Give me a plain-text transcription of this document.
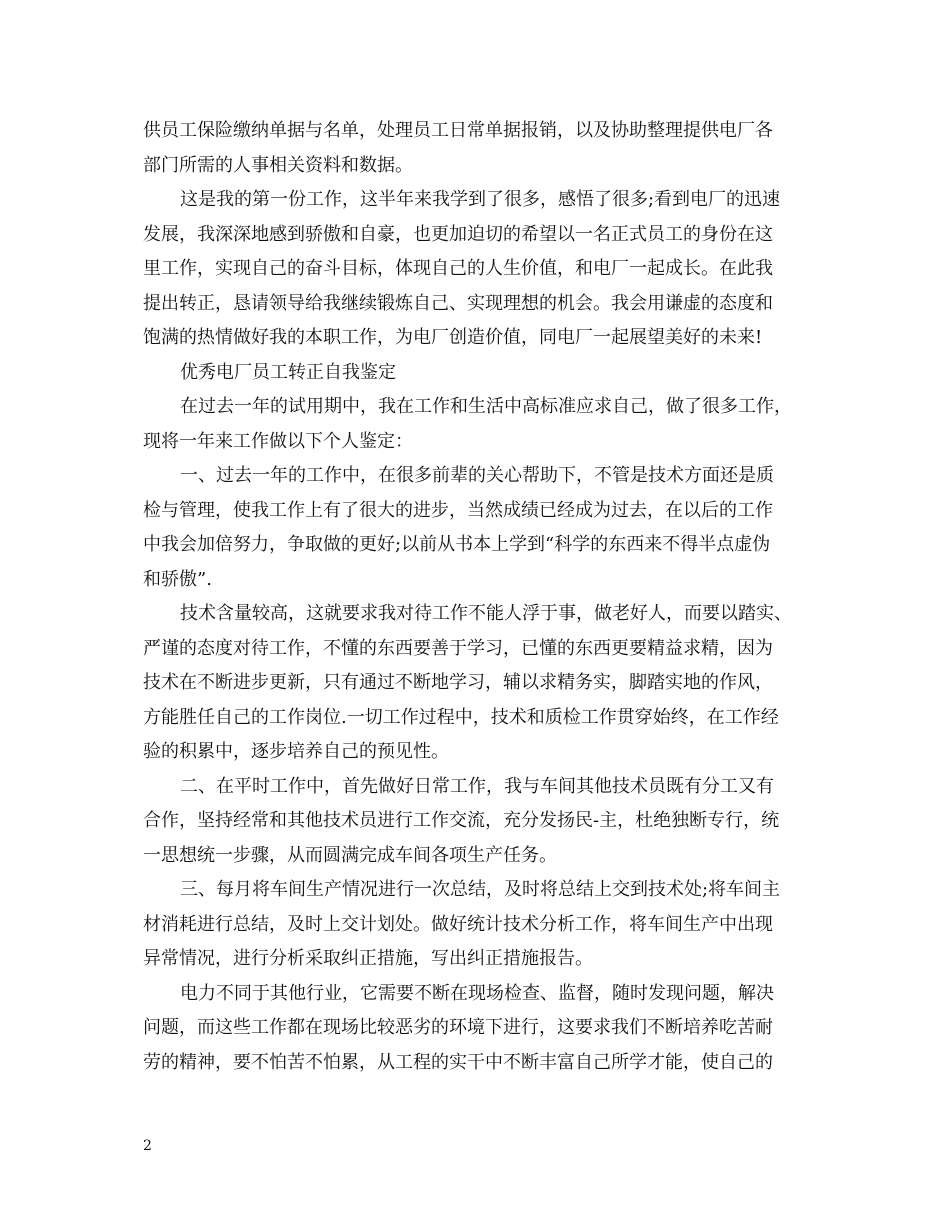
供员工保险缴纳单据与名单，处理员工日常单据报销，以及协助整理提供电厂各
部门所需的人事相关资料和数据。
这是我的第一份工作，这半年来我学到了很多，感悟了很多;看到电厂的迅速
发展，我深深地感到骄傲和自豪，也更加迫切的希望以一名正式员工的身份在这
里工作，实现自己的奋斗目标，体现自己的人生价值，和电厂一起成长。在此我
提出转正，恳请领导给我继续锻炼自己、实现理想的机会。我会用谦虚的态度和
饱满的热情做好我的本职工作，为电厂创造价值，同电厂一起展望美好的未来!
优秀电厂员工转正自我鉴定
在过去一年的试用期中，我在工作和生活中高标准应求自己，做了很多工作，
现将一年来工作做以下个人鉴定：
一、过去一年的工作中，在很多前辈的关心帮助下，不管是技术方面还是质
检与管理，使我工作上有了很大的进步，当然成绩已经成为过去，在以后的工作
中我会加倍努力，争取做的更好;以前从书本上学到“科学的东西来不得半点虚伪
和骄傲”.
技术含量较高，这就要求我对待工作不能人浮于事，做老好人，而要以踏实、
严谨的态度对待工作，不懂的东西要善于学习，已懂的东西更要精益求精，因为
技术在不断进步更新，只有通过不断地学习，辅以求精务实，脚踏实地的作风，
方能胜任自己的工作岗位.一切工作过程中，技术和质检工作贯穿始终，在工作经
验的积累中，逐步培养自己的预见性。
二、在平时工作中，首先做好日常工作，我与车间其他技术员既有分工又有
合作，坚持经常和其他技术员进行工作交流，充分发扬民-主，杜绝独断专行，统
一思想统一步骤，从而圆满完成车间各项生产任务。
三、每月将车间生产情况进行一次总结，及时将总结上交到技术处;将车间主
材消耗进行总结，及时上交计划处。做好统计技术分析工作，将车间生产中出现
异常情况，进行分析采取纠正措施，写出纠正措施报告。
电力不同于其他行业，它需要不断在现场检查、监督，随时发现问题，解决
问题，而这些工作都在现场比较恶劣的环境下进行，这要求我们不断培养吃苦耐
劳的精神，要不怕苦不怕累，从工程的实干中不断丰富自己所学才能，使自己的
2
